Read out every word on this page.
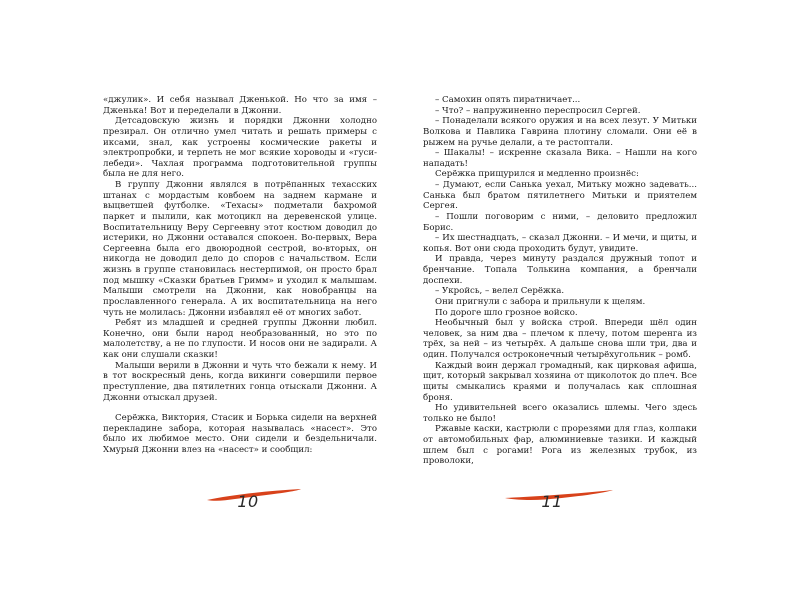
«джулик». И себя называл Дженькой. Но что за имя – Дженька! Вот и переделали в Джонни.

Детсадовскую жизнь и порядки Джонни холодно презирал. Он отлично умел читать и решать примеры с иксами, знал, как устроены космические ракеты и электропробки, и терпеть не мог всякие хороводы и «гуси-лебеди». Чахлая программа подготовительной группы была не для него.

В группу Джонни являлся в потрёпанных техасских штанах с мордастым ковбоем на заднем кармане и выцветшей футболке. «Техасы» подметали бахромой паркет и пылили, как мотоцикл на деревенской улице. Воспитательницу Веру Сергеевну этот костюм доводил до истерики, но Джонни оставался спокоен. Во-первых, Вера Сергеевна была его двоюродной сестрой, во-вторых, он никогда не доводил дело до споров с начальством. Если жизнь в группе становилась нестерпимой, он просто брал под мышку «Сказки братьев Гримм» и уходил к малышам. Малыши смотрели на Джонни, как новобранцы на прославленного генерала. А их воспитательница на него чуть не молилась: Джонни избавлял её от многих забот.

Ребят из младшей и средней группы Джонни любил. Конечно, они были народ необразованный, но это по малолетству, а не по глупости. И носов они не задирали. А как они слушали сказки!

Малыши верили в Джонни и чуть что бежали к нему. И в тот воскресный день, когда викинги совершили первое преступление, два пятилетних гонца отыскали Джонни. А Джонни отыскал друзей.

Серёжка, Виктория, Стасик и Борька сидели на верхней перекладине забора, которая называлась «насест». Это было их любимое место. Они сидели и бездельничали. Хмурый Джонни влез на «насест» и сообщил:

– Самохин опять пиратничает...

– Что? – напружиненно переспросил Сергей.

– Понаделали всякого оружия и на всех лезут. У Митьки Волкова и Павлика Гаврина плотину сломали. Они её в рыжем на ручье делали, а те растоптали.

– Шакалы! – искренне сказала Вика. – Нашли на кого нападать!

Серёжка прищурился и медленно произнёс:

– Думают, если Санька уехал, Митьку можно задевать... Санька был братом пятилетнего Митьки и приятелем Сергея.

– Пошли поговорим с ними, – деловито предложил Борис.

– Их шестнадцать, – сказал Джонни. – И мечи, и щиты, и копья. Вот они сюда проходить будут, увидите.

И правда, через минуту раздался дружный топот и бренчание. Топала Толькина компания, а бренчали доспехи.

– Укройсь, – велел Серёжка.

Они пригнули с забора и прильнули к щелям.

По дороге шло грозное войско.

Необычный был у войска строй. Впереди шёл один человек, за ним два – плечом к плечу, потом шеренга из трёх, за ней – из четырёх. А дальше снова шли три, два и один. Получался остроконечный четырёхугольник – ромб.

Каждый воин держал громадный, как цирковая афиша, щит, который закрывал хозяина от щиколоток до плеч. Все щиты смыкались краями и получалась как сплошная броня.

Но удивительней всего оказались шлемы. Чего здесь только не было!

Ржавые каски, кастрюли с прорезями для глаз, колпаки от автомобильных фар, алюминиевые тазики. И каждый шлем был с рогами! Рога из железных трубок, из проволоки,

10	11
